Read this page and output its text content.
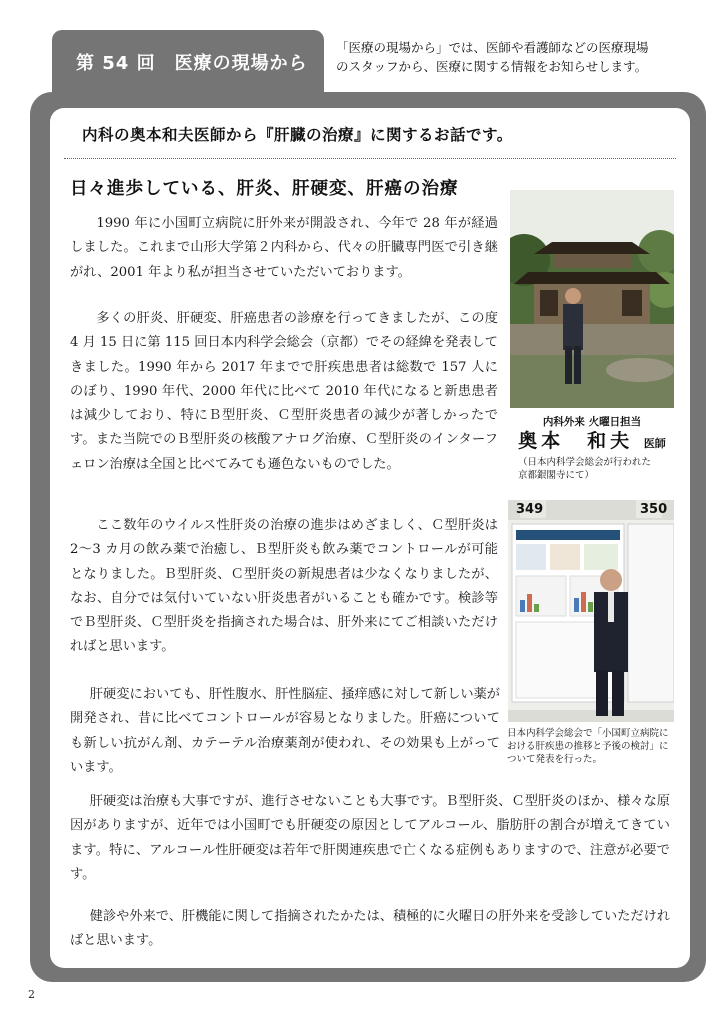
第 54 回　医療の現場から
「医療の現場から」では、医師や看護師などの医療現場
のスタッフから、医療に関する情報をお知らせします。
内科の奥本和夫医師から『肝臓の治療』に関するお話です。
日々進歩している、肝炎、肝硬変、肝癌の治療

1990 年に小国町立病院に肝外来が開設され、今年で 28 年が経過しました。これまで山形大学第２内科から、代々の肝臓専門医で引き継がれ、2001 年より私が担当させていただいております。

多くの肝炎、肝硬変、肝癌患者の診療を行ってきましたが、この度 4 月 15 日に第 115 回日本内科学会総会（京都）でその経緯を発表してきました。1990 年から 2017 年までで肝疾患患者は総数で 157 人にのぼり、1990 年代、2000 年代に比べて 2010 年代になると新患患者は減少しており、特にＢ型肝炎、Ｃ型肝炎患者の減少が著しかったです。また当院でのＢ型肝炎の核酸アナログ治療、Ｃ型肝炎のインターフェロン治療は全国と比べてみても遜色ないものでした。

ここ数年のウイルス性肝炎の治療の進歩はめざましく、Ｃ型肝炎は 2～3 カ月の飲み薬で治癒し、Ｂ型肝炎も飲み薬でコントロールが可能となりました。Ｂ型肝炎、Ｃ型肝炎の新規患者は少なくなりましたが、なお、自分では気付いていない肝炎患者がいることも確かです。検診等でＢ型肝炎、Ｃ型肝炎を指摘された場合は、肝外来にてご相談いただければと思います。

肝硬変においても、肝性腹水、肝性脳症、掻痒感に対して新しい薬が開発され、昔に比べてコントロールが容易となりました。肝癌についても新しい抗がん剤、カテーテル治療薬剤が使われ、その効果も上がっています。

肝硬変は治療も大事ですが、進行させないことも大事です。Ｂ型肝炎、Ｃ型肝炎のほか、様々な原因がありますが、近年では小国町でも肝硬変の原因としてアルコール、脂肪肝の割合が増えてきています。特に、アルコール性肝硬変は若年で肝関連疾患で亡くなる症例もありますので、注意が必要です。

健診や外来で、肝機能に関して指摘されたかたは、積極的に火曜日の肝外来を受診していただければと思います。

内科外来 火曜日担当
奥本　和夫 医師
（日本内科学会総会が行われた
京都銀閣寺にて）
349	350
日本内科学会総会で「小国町立病院における肝疾患の推移と予後の検討」について発表を行った。
2
